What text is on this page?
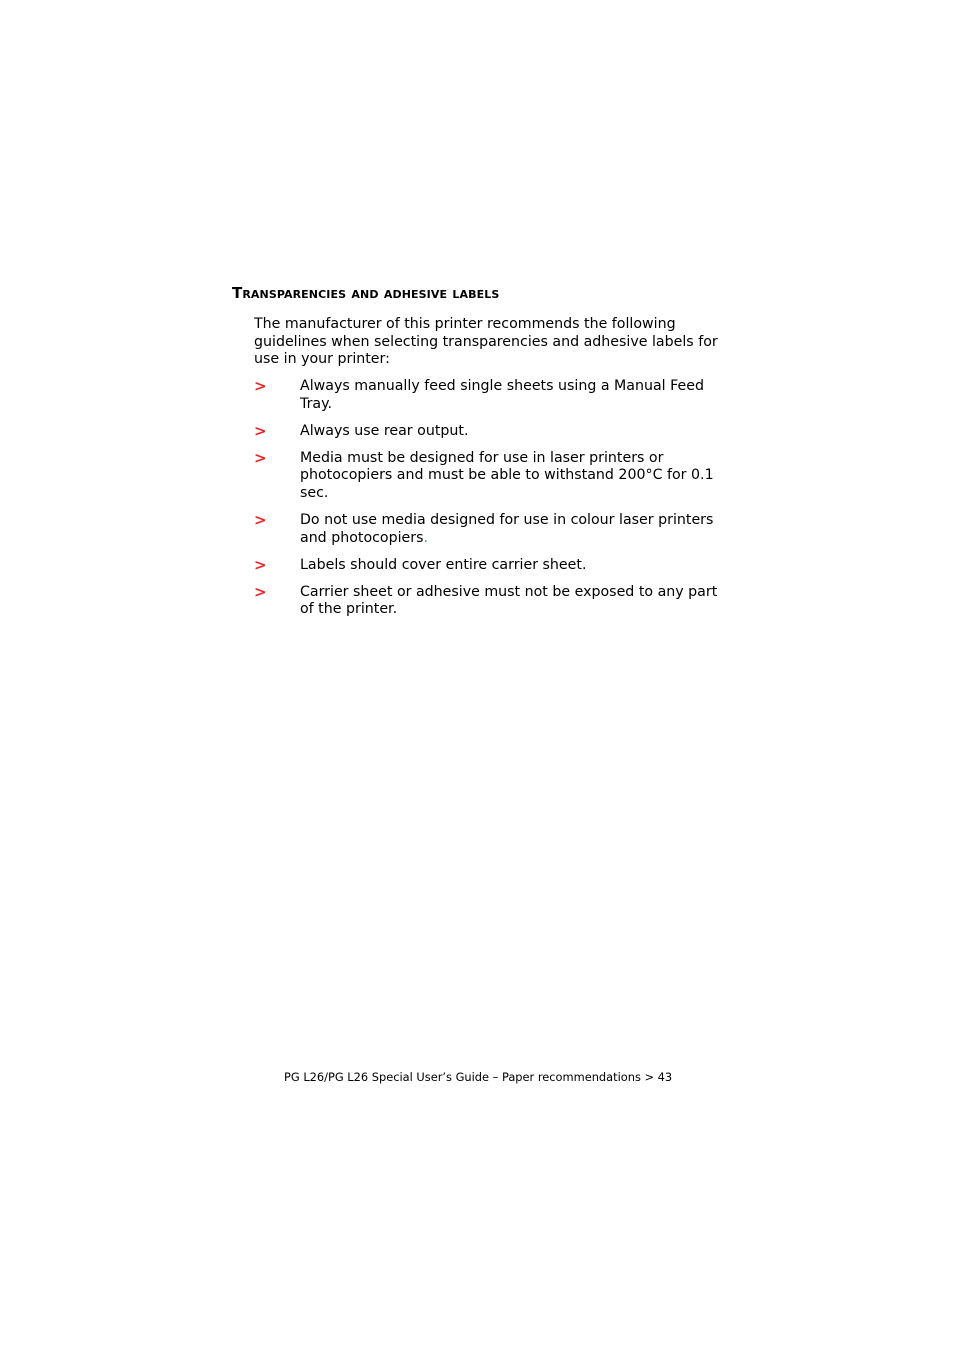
Transparencies and adhesive labels

The manufacturer of this printer recommends the following guidelines when selecting transparencies and adhesive labels for use in your printer:

> Always manually feed single sheets using a Manual Feed Tray.
> Always use rear output.
> Media must be designed for use in laser printers or photocopiers and must be able to withstand 200°C for 0.1 sec.
> Do not use media designed for use in colour laser printers and photocopiers.
> Labels should cover entire carrier sheet.
> Carrier sheet or adhesive must not be exposed to any part of the printer.

PG L26/PG L26 Special User’s Guide – Paper recommendations > 43
